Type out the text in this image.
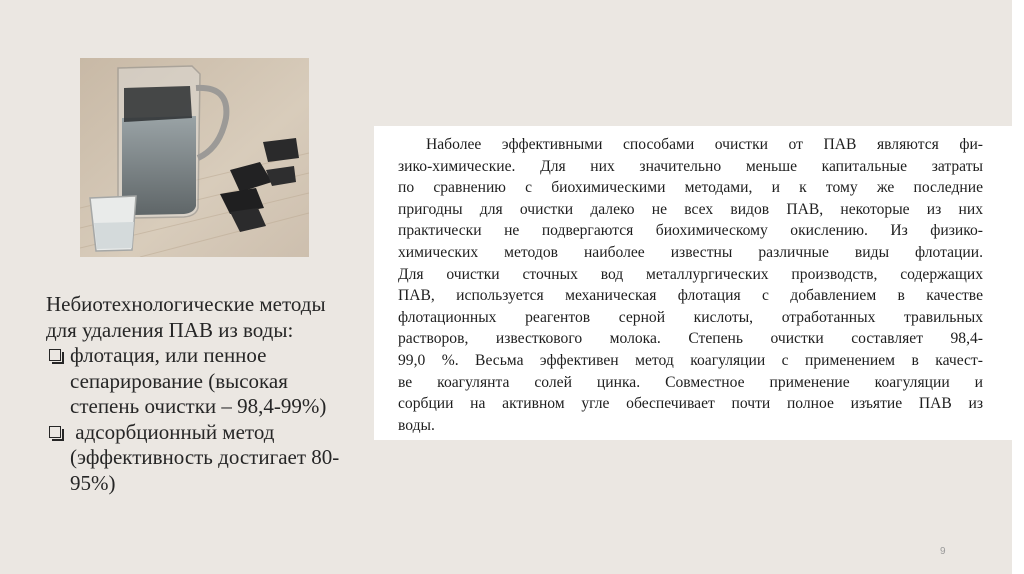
Наболее эффективными способами очистки от ПАВ являются фи-
зико-химические. Для них значительно меньше капитальные затраты
по сравнению с биохимическими методами, и к тому же последние
пригодны для очистки далеко не всех видов ПАВ, некоторые из них
практически не подвергаются биохимическому окислению. Из физико-
химических методов наиболее известны различные виды флотации.
Для очистки сточных вод металлургических производств, содержащих
ПАВ, используется механическая флотация с добавлением в качестве
флотационных реагентов серной кислоты, отработанных травильных
растворов, известкового молока. Степень очистки составляет 98,4-
99,0 %. Весьма эффективен метод коагуляции с применением в качест-
ве коагулянта солей цинка. Совместное применение коагуляции и
сорбции на активном угле обеспечивает почти полное изъятие ПАВ из
воды.
Небиотехнологические методы
для удаления ПАВ из воды:
флотация, или пенное
сепарирование (высокая
степень очистки – 98,4-99%)
адсорбционный метод
(эффективность достигает 80-
95%)
9
